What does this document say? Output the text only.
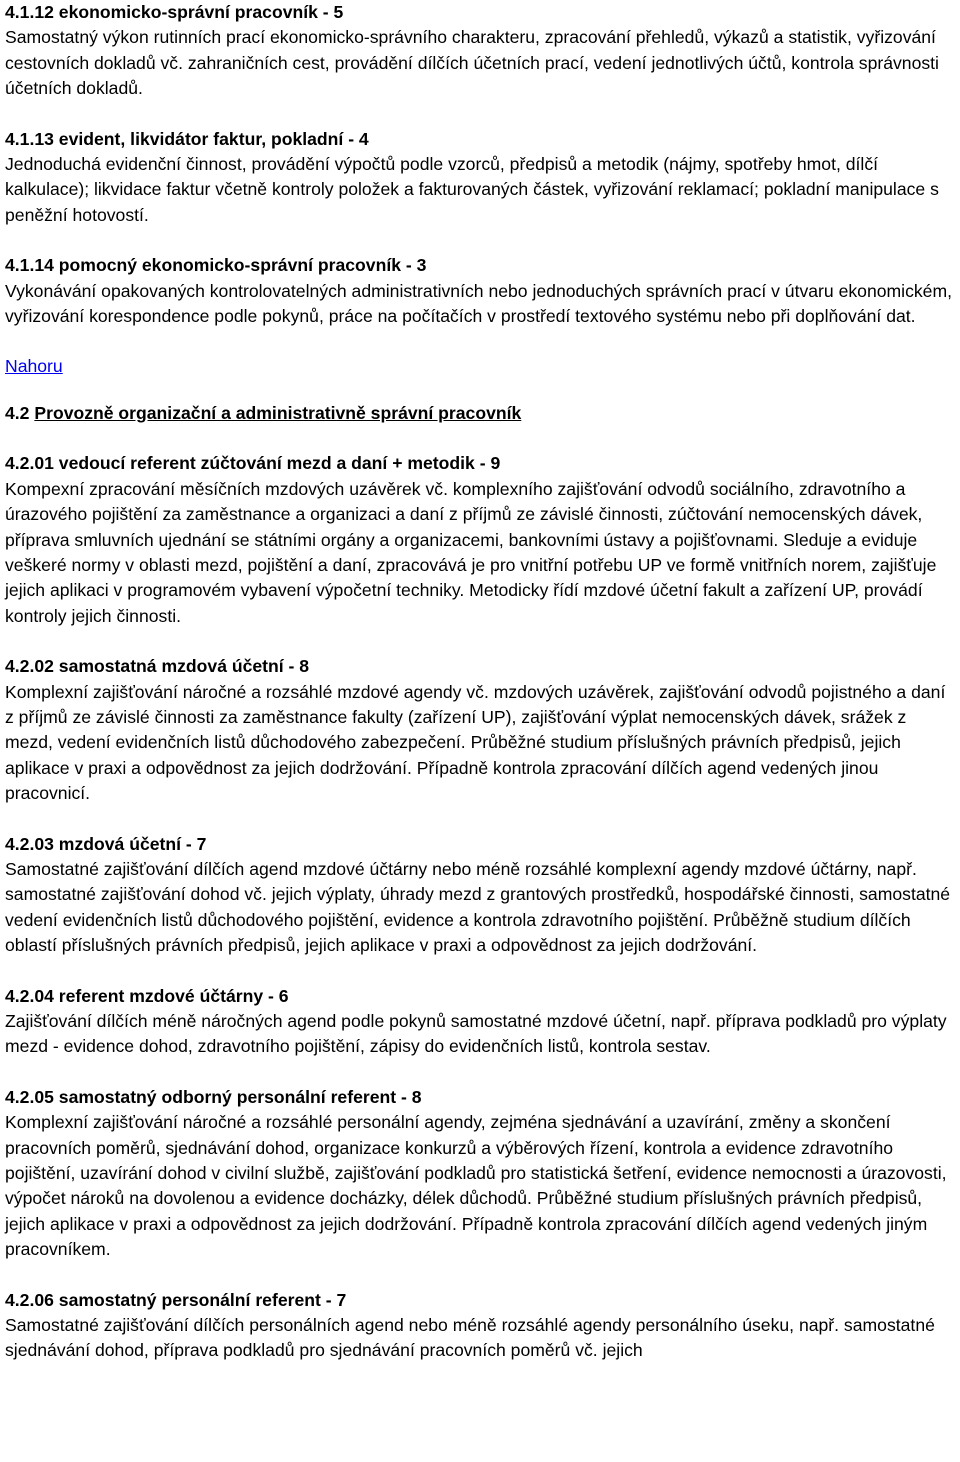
4.1.12 ekonomicko-správní pracovník - 5
Samostatný výkon rutinních prací ekonomicko-správního charakteru, zpracování přehledů, výkazů a statistik, vyřizování cestovních dokladů vč. zahraničních cest, provádění dílčích účetních prací, vedení jednotlivých účtů, kontrola správnosti účetních dokladů.
4.1.13 evident, likvidátor faktur, pokladní - 4
Jednoduchá evidenční činnost, provádění výpočtů podle vzorců, předpisů a metodik (nájmy, spotřeby hmot, dílčí kalkulace); likvidace faktur včetně kontroly položek a fakturovaných částek, vyřizování reklamací; pokladní manipulace s peněžní hotovostí.
4.1.14 pomocný ekonomicko-správní pracovník - 3
Vykonávání opakovaných kontrolovatelných administrativních nebo jednoduchých správních prací v útvaru ekonomickém, vyřizování korespondence podle pokynů, práce na počítačích v prostředí textového systému nebo při doplňování dat.
Nahoru
4.2 Provozně organizační a administrativně správní pracovník
4.2.01 vedoucí referent zúčtování mezd a daní + metodik - 9
Kompexní zpracování měsíčních mzdových uzávěrek vč. komplexního zajišťování odvodů sociálního, zdravotního a úrazového pojištění za zaměstnance a organizaci a daní z příjmů ze závislé činnosti, zúčtování nemocenských dávek, příprava smluvních ujednání se státními orgány a organizacemi, bankovními ústavy a pojišťovnami. Sleduje a eviduje veškeré normy v oblasti mezd, pojištění a daní, zpracovává je pro vnitřní potřebu UP ve formě vnitřních norem, zajišťuje jejich aplikaci v programovém vybavení výpočetní techniky. Metodicky řídí mzdové účetní fakult a zařízení UP, provádí kontroly jejich činnosti.
4.2.02 samostatná mzdová účetní - 8
Komplexní zajišťování náročné a rozsáhlé mzdové agendy vč. mzdových uzávěrek, zajišťování odvodů pojistného a daní z příjmů ze závislé činnosti za zaměstnance fakulty (zařízení UP), zajišťování výplat nemocenských dávek, srážek z mezd, vedení evidenčních listů důchodového zabezpečení. Průběžné studium příslušných právních předpisů, jejich aplikace v praxi a odpovědnost za jejich dodržování. Případně kontrola zpracování dílčích agend vedených jinou pracovnicí.
4.2.03 mzdová účetní - 7
Samostatné zajišťování dílčích agend mzdové účtárny nebo méně rozsáhlé komplexní agendy mzdové účtárny, např. samostatné zajišťování dohod vč. jejich výplaty, úhrady mezd z grantových prostředků, hospodářské činnosti, samostatné vedení evidenčních listů důchodového pojištění, evidence a kontrola zdravotního pojištění. Průběžně studium dílčích oblastí příslušných právních předpisů, jejich aplikace v praxi a odpovědnost za jejich dodržování.
4.2.04 referent mzdové účtárny - 6
Zajišťování dílčích méně náročných agend podle pokynů samostatné mzdové účetní, např. příprava podkladů pro výplaty mezd - evidence dohod, zdravotního pojištění, zápisy do evidenčních listů, kontrola sestav.
4.2.05 samostatný odborný personální referent - 8
Komplexní zajišťování náročné a rozsáhlé personální agendy, zejména sjednávání a uzavírání, změny a skončení pracovních poměrů, sjednávání dohod, organizace konkurzů a výběrových řízení, kontrola a evidence zdravotního pojištění, uzavírání dohod v civilní službě, zajišťování podkladů pro statistická šetření, evidence nemocnosti a úrazovosti, výpočet nároků na dovolenou a evidence docházky, délek důchodů. Průběžné studium příslušných právních předpisů, jejich aplikace v praxi a odpovědnost za jejich dodržování. Případně kontrola zpracování dílčích agend vedených jiným pracovníkem.
4.2.06 samostatný personální referent - 7
Samostatné zajišťování dílčích personálních agend nebo méně rozsáhlé agendy personálního úseku, např. samostatné sjednávání dohod, příprava podkladů pro sjednávání pracovních poměrů vč. jejich
